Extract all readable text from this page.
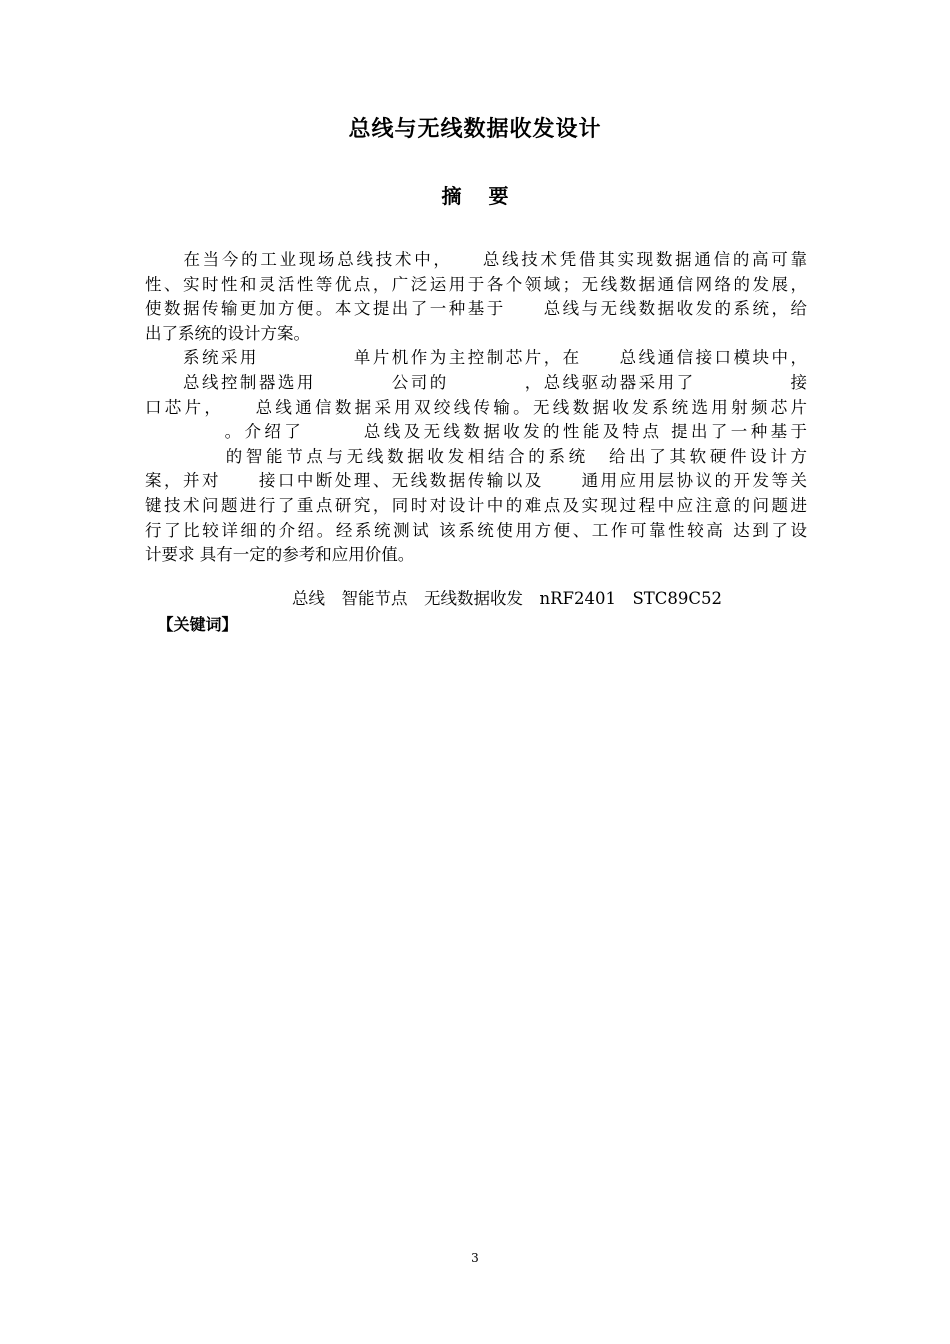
总线与无线数据收发设计
摘 要
　　在当今的工业现场总线技术中，　　总线技术凭借其实现数据通信的高可靠
性、实时性和灵活性等优点，广泛运用于各个领域；无线数据通信网络的发展，
使数据传输更加方便。本文提出了一种基于　　总线与无线数据收发的系统，给
出了系统的设计方案。
　　系统采用　　　　　单片机作为主控制芯片，在　　总线通信接口模块中，
　　总线控制器选用　　　　公司的　　　　，总线驱动器采用了　　　　　接
口芯片，　　总线通信数据采用双绞线传输。无线数据收发系统选用射频芯片
　　　　。介绍了　　　总线及无线数据收发的性能及特点 提出了一种基于
　　　　的智能节点与无线数据收发相结合的系统　给出了其软硬件设计方
案，并对　　接口中断处理、无线数据传输以及　　通用应用层协议的开发等关
键技术问题进行了重点研究，同时对设计中的难点及实现过程中应注意的问题进
行了比较详细的介绍。经系统测试 该系统使用方便、工作可靠性较高 达到了设
计要求 具有一定的参考和应用价值。

【关键词】

总线　智能节点　无线数据收发　nRF2401　STC89C52

3
